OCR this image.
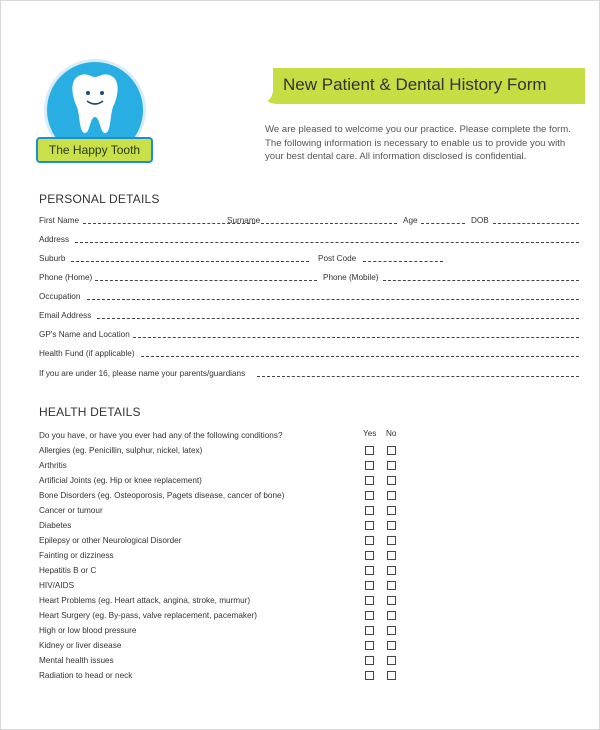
The Happy Tooth
New Patient & Dental History Form
We are pleased to welcome you our practice. Please complete the form.
The following information is necessary to enable us to provide you with
your best dental care. All information disclosed is confidential.
PERSONAL DETAILS
First Name	Surname	Age	DOB
Address
Suburb	Post Code
Phone (Home)	Phone (Mobile)
Occupation
Email Address
GP's Name and Location
Health Fund (if applicable)
If you are under 16, please name your parents/guardians
HEALTH DETAILS
Do you have, or have you ever had any of the following conditions?	Yes No
Allergies (eg. Penicillin, sulphur, nickel, latex)
Arthritis
Artificial Joints (eg. Hip or knee replacement)
Bone Disorders (eg. Osteoporosis, Pagets disease, cancer of bone)
Cancer or tumour
Diabetes
Epilepsy or other Neurological Disorder
Fainting or dizziness
Hepatitis B or C
HIV/AIDS
Heart Problems (eg. Heart attack, angina, stroke, murmur)
Heart Surgery (eg. By-pass, valve replacement, pacemaker)
High or low blood pressure
Kidney or liver disease
Mental health issues
Radiation to head or neck
